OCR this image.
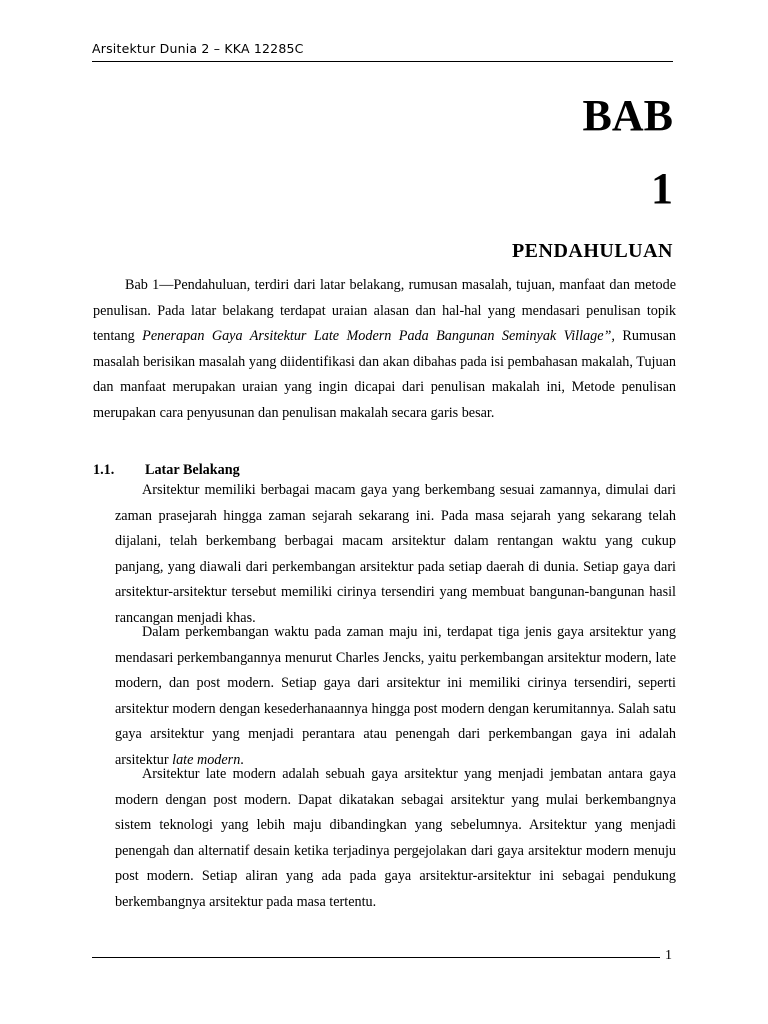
Arsitektur Dunia 2 – KKA 12285C
BAB
1
PENDAHULUAN
Bab 1—Pendahuluan, terdiri dari latar belakang, rumusan masalah, tujuan, manfaat dan metode penulisan. Pada latar belakang terdapat uraian alasan dan hal-hal yang mendasari penulisan topik tentang Penerapan Gaya Arsitektur Late Modern Pada Bangunan Seminyak Village”, Rumusan masalah berisikan masalah yang diidentifikasi dan akan dibahas pada isi pembahasan makalah, Tujuan dan manfaat merupakan uraian yang ingin dicapai dari penulisan makalah ini, Metode penulisan merupakan cara penyusunan dan penulisan makalah secara garis besar.
1.1. Latar Belakang
Arsitektur memiliki berbagai macam gaya yang berkembang sesuai zamannya, dimulai dari zaman prasejarah hingga zaman sejarah sekarang ini. Pada masa sejarah yang sekarang telah dijalani, telah berkembang berbagai macam arsitektur dalam rentangan waktu yang cukup panjang, yang diawali dari perkembangan arsitektur pada setiap daerah di dunia. Setiap gaya dari arsitektur-arsitektur tersebut memiliki cirinya tersendiri yang membuat bangunan-bangunan hasil rancangan menjadi khas.
Dalam perkembangan waktu pada zaman maju ini, terdapat tiga jenis gaya arsitektur yang mendasari perkembangannya menurut Charles Jencks, yaitu perkembangan arsitektur modern, late modern, dan post modern. Setiap gaya dari arsitektur ini memiliki cirinya tersendiri, seperti arsitektur modern dengan kesederhanaannya hingga post modern dengan kerumitannya. Salah satu gaya arsitektur yang menjadi perantara atau penengah dari perkembangan gaya ini adalah arsitektur late modern.
Arsitektur late modern adalah sebuah gaya arsitektur yang menjadi jembatan antara gaya modern dengan post modern. Dapat dikatakan sebagai arsitektur yang mulai berkembangnya sistem teknologi yang lebih maju dibandingkan yang sebelumnya. Arsitektur yang menjadi penengah dan alternatif desain ketika terjadinya pergejolakan dari gaya arsitektur modern menuju post modern. Setiap aliran yang ada pada gaya arsitektur-arsitektur ini sebagai pendukung berkembangnya arsitektur pada masa tertentu.
1
